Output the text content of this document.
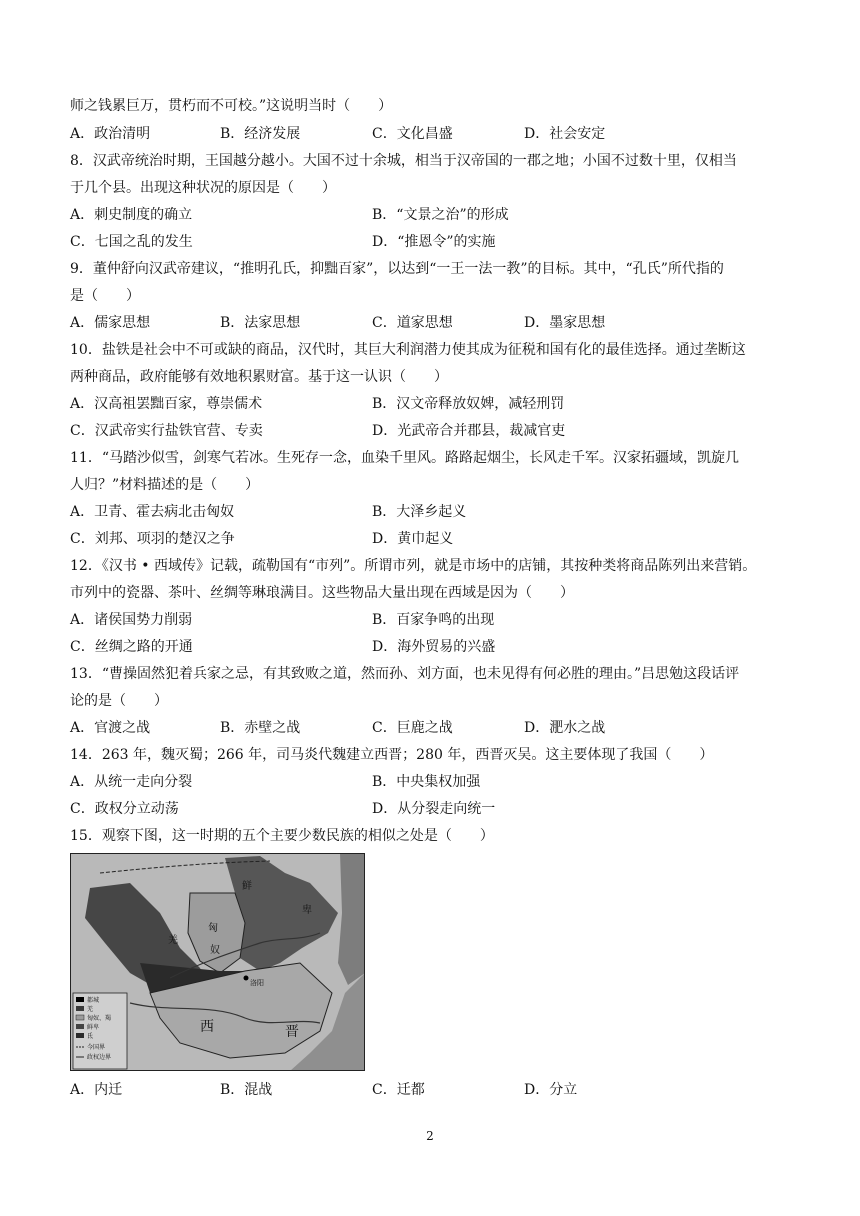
师之钱累巨万，贯朽而不可校。”这说明当时（　　）
A．政治清明	B．经济发展	C．文化昌盛	D．社会安定
8．汉武帝统治时期，王国越分越小。大国不过十余城，相当于汉帝国的一郡之地；小国不过数十里，仅相当
于几个县。出现这种状况的原因是（　　）
A．刺史制度的确立	B．“文景之治”的形成
C．七国之乱的发生	D．“推恩令”的实施
9．董仲舒向汉武帝建议，“推明孔氏，抑黜百家”，以达到“一王一法一教”的目标。其中，“孔氏”所代指的
是（　　）
A．儒家思想	B．法家思想	C．道家思想	D．墨家思想
10．盐铁是社会中不可或缺的商品，汉代时，其巨大利润潜力使其成为征税和国有化的最佳选择。通过垄断这
两种商品，政府能够有效地积累财富。基于这一认识（　　）
A．汉高祖罢黜百家，尊崇儒术	B．汉文帝释放奴婢，减轻刑罚
C．汉武帝实行盐铁官营、专卖	D．光武帝合并郡县，裁减官吏
11．“马踏沙似雪，剑寒气若冰。生死存一念，血染千里风。路路起烟尘，长风走千军。汉家拓疆域，凯旋几
人归？”材料描述的是（　　）
A．卫青、霍去病北击匈奴	B．大泽乡起义
C．刘邦、项羽的楚汉之争	D．黄巾起义
12．《汉书 • 西域传》记载，疏勒国有“市列”。所谓市列，就是市场中的店铺，其按种类将商品陈列出来营销。
市列中的瓷器、茶叶、丝绸等琳琅满目。这些物品大量出现在西域是因为（　　）
A．诸侯国势力削弱	B．百家争鸣的出现
C．丝绸之路的开通	D．海外贸易的兴盛
13．“曹操固然犯着兵家之忌，有其致败之道，然而孙、刘方面，也未见得有何必胜的理由。”吕思勉这段话评
论的是（　　）
A．官渡之战	B．赤壁之战	C．巨鹿之战	D．淝水之战
14．263 年，魏灭蜀；266 年，司马炎代魏建立西晋；280 年，西晋灭吴。这主要体现了我国（　　）
A．从统一走向分裂	B．中央集权加强
C．政权分立动荡	D．从分裂走向统一
15．观察下图，这一时期的五个主要少数民族的相似之处是（　　）
都城
羌
匈奴、羯
鲜卑
氐
今国界
政权边界
鲜
羌
匈
奴
卑
洛阳
西	晋
A．内迁	B．混战	C．迁都	D．分立
2
